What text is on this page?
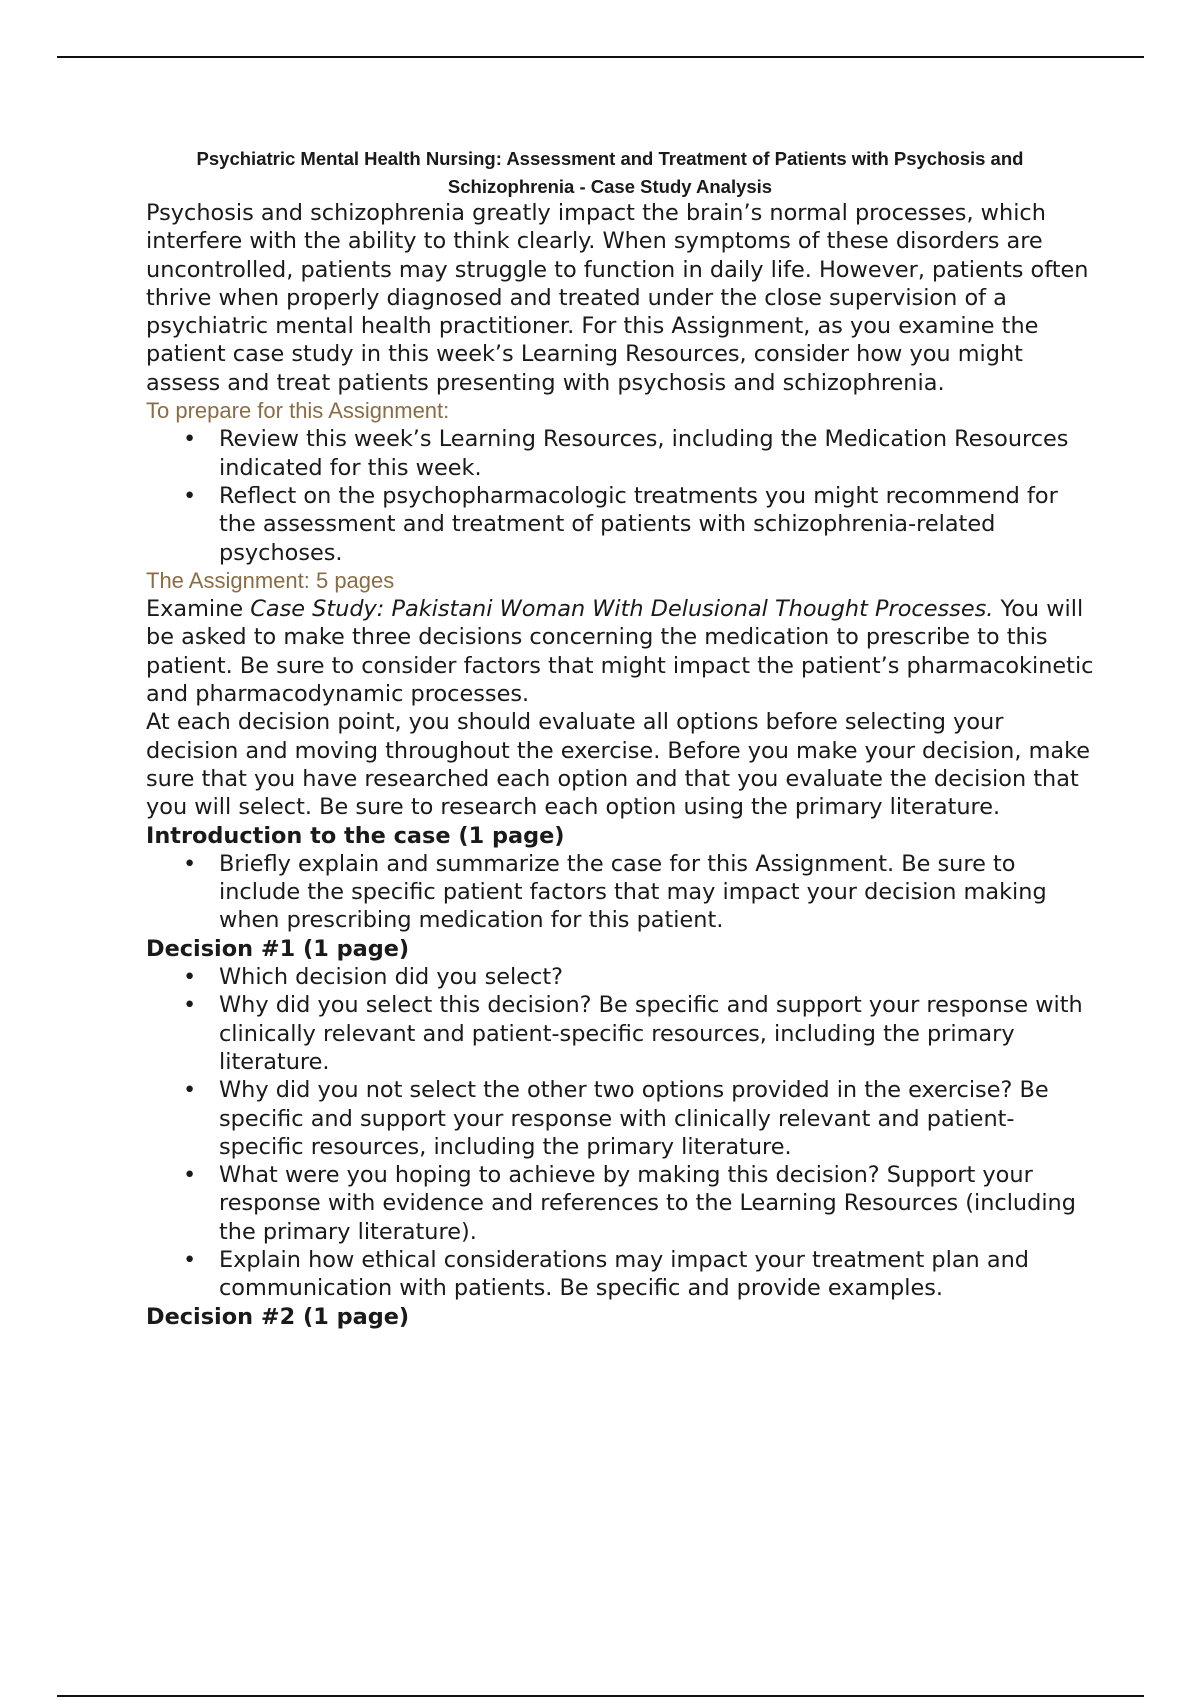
Psychiatric Mental Health Nursing: Assessment and Treatment of Patients with Psychosis and Schizophrenia - Case Study Analysis

Psychosis and schizophrenia greatly impact the brain’s normal processes, which interfere with the ability to think clearly. When symptoms of these disorders are uncontrolled, patients may struggle to function in daily life. However, patients often thrive when properly diagnosed and treated under the close supervision of a psychiatric mental health practitioner. For this Assignment, as you examine the patient case study in this week’s Learning Resources, consider how you might assess and treat patients presenting with psychosis and schizophrenia.

To prepare for this Assignment:

• Review this week’s Learning Resources, including the Medication Resources indicated for this week.
• Reflect on the psychopharmacologic treatments you might recommend for the assessment and treatment of patients with schizophrenia-related psychoses.

The Assignment: 5 pages

Examine Case Study: Pakistani Woman With Delusional Thought Processes. You will be asked to make three decisions concerning the medication to prescribe to this patient. Be sure to consider factors that might impact the patient’s pharmacokinetic and pharmacodynamic processes.

At each decision point, you should evaluate all options before selecting your decision and moving throughout the exercise. Before you make your decision, make sure that you have researched each option and that you evaluate the decision that you will select. Be sure to research each option using the primary literature.

Introduction to the case (1 page)

• Briefly explain and summarize the case for this Assignment. Be sure to include the specific patient factors that may impact your decision making when prescribing medication for this patient.

Decision #1 (1 page)

• Which decision did you select?
• Why did you select this decision? Be specific and support your response with clinically relevant and patient-specific resources, including the primary literature.
• Why did you not select the other two options provided in the exercise? Be specific and support your response with clinically relevant and patient-specific resources, including the primary literature.
• What were you hoping to achieve by making this decision? Support your response with evidence and references to the Learning Resources (including the primary literature).
• Explain how ethical considerations may impact your treatment plan and communication with patients. Be specific and provide examples.

Decision #2 (1 page)
